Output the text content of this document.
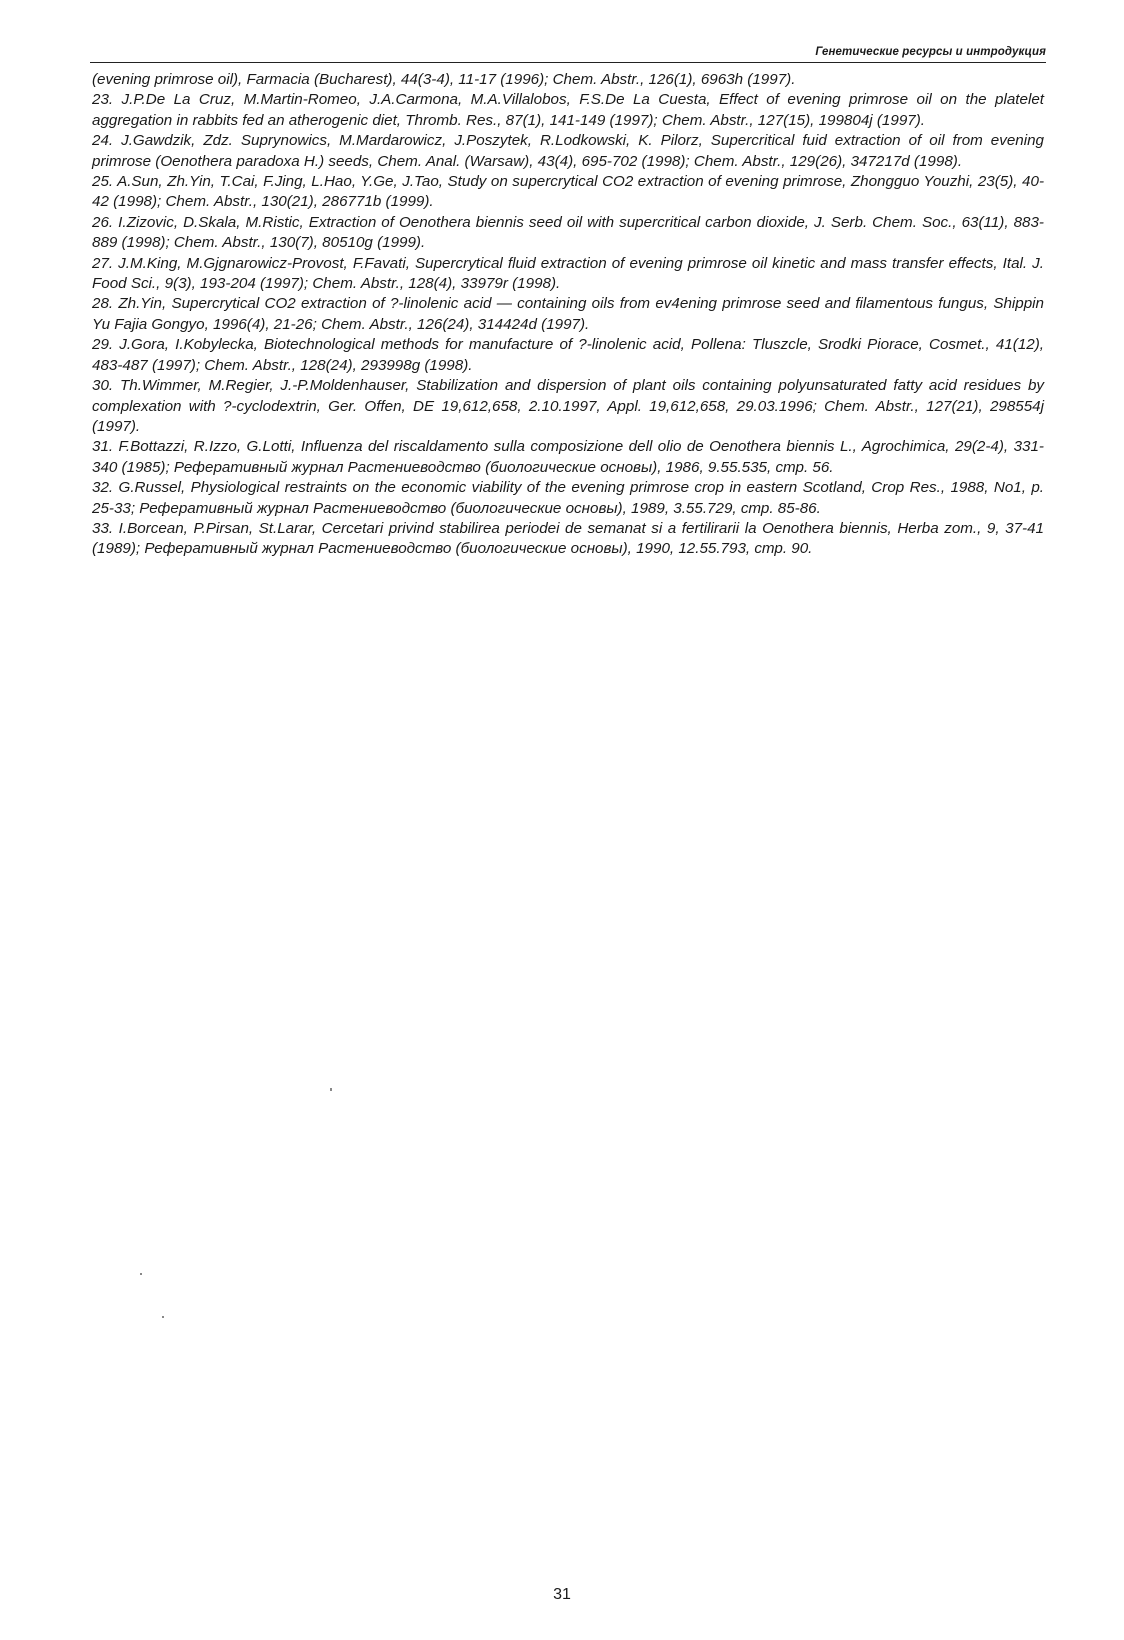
Генетические ресурсы и интродукция

(evening primrose oil), Farmacia (Bucharest), 44(3-4), 11-17 (1996); Chem. Abstr., 126(1), 6963h (1997).

23. J.P.De La Cruz, M.Martin-Romeo, J.A.Carmona, M.A.Villalobos, F.S.De La Cuesta, Effect of evening primrose oil on the platelet aggregation in rabbits fed an atherogenic diet, Thromb. Res., 87(1), 141-149 (1997); Chem. Abstr., 127(15), 199804j (1997).

24. J.Gawdzik, Zdz. Suprynowics, M.Mardarowicz, J.Poszytek, R.Lodkowski, K. Pilorz, Supercritical fuid extraction of oil from evening primrose (Oenothera paradoxa H.) seeds, Chem. Anal. (Warsaw), 43(4), 695-702 (1998); Chem. Abstr., 129(26), 347217d (1998).

25. A.Sun, Zh.Yin, T.Cai, F.Jing, L.Hao, Y.Ge, J.Tao, Study on supercrytical CO2 extraction of evening primrose, Zhongguo Youzhi, 23(5), 40-42 (1998); Chem. Abstr., 130(21), 286771b (1999).

26. I.Zizovic, D.Skala, M.Ristic, Extraction of Oenothera biennis seed oil with supercritical carbon dioxide, J. Serb. Chem. Soc., 63(11), 883-889 (1998); Chem. Abstr., 130(7), 80510g (1999).

27. J.M.King, M.Gjgnarowicz-Provost, F.Favati, Supercrytical fluid extraction of evening primrose oil kinetic and mass transfer effects, Ital. J. Food Sci., 9(3), 193-204 (1997); Chem. Abstr., 128(4), 33979r (1998).

28. Zh.Yin, Supercrytical CO2 extraction of ?-linolenic acid — containing oils from ev4ening primrose seed and filamentous fungus, Shippin Yu Fajia Gongyo, 1996(4), 21-26; Chem. Abstr., 126(24), 314424d (1997).

29. J.Gora, I.Kobylecka, Biotechnological methods for manufacture of ?-linolenic acid, Pollena: Tluszcle, Srodki Piorace, Cosmet., 41(12), 483-487 (1997); Chem. Abstr., 128(24), 293998g (1998).

30. Th.Wimmer, M.Regier, J.-P.Moldenhauser, Stabilization and dispersion of plant oils containing polyunsaturated fatty acid residues by complexation with ?-cyclodextrin, Ger. Offen, DE 19,612,658, 2.10.1997, Appl. 19,612,658, 29.03.1996; Chem. Abstr., 127(21), 298554j (1997).

31. F.Bottazzi, R.Izzo, G.Lotti, Influenza del riscaldamento sulla composizione dell olio de Oenothera biennis L., Agrochimica, 29(2-4), 331-340 (1985); Реферативный журнал Растениеводство (биологические основы), 1986, 9.55.535, стр. 56.

32. G.Russel, Physiological restraints on the economic viability of the evening primrose crop in eastern Scotland, Crop Res., 1988, No1, p. 25-33; Реферативный журнал Растениеводство (биологические основы), 1989, 3.55.729, стр. 85-86.

33. I.Borcean, P.Pirsan, St.Larar, Cercetari privind stabilirea periodei de semanat si a fertilirarii la Oenothera biennis, Herba zom., 9, 37-41 (1989); Реферативный журнал Растениеводство (биологические основы), 1990, 12.55.793, стр. 90.

31
